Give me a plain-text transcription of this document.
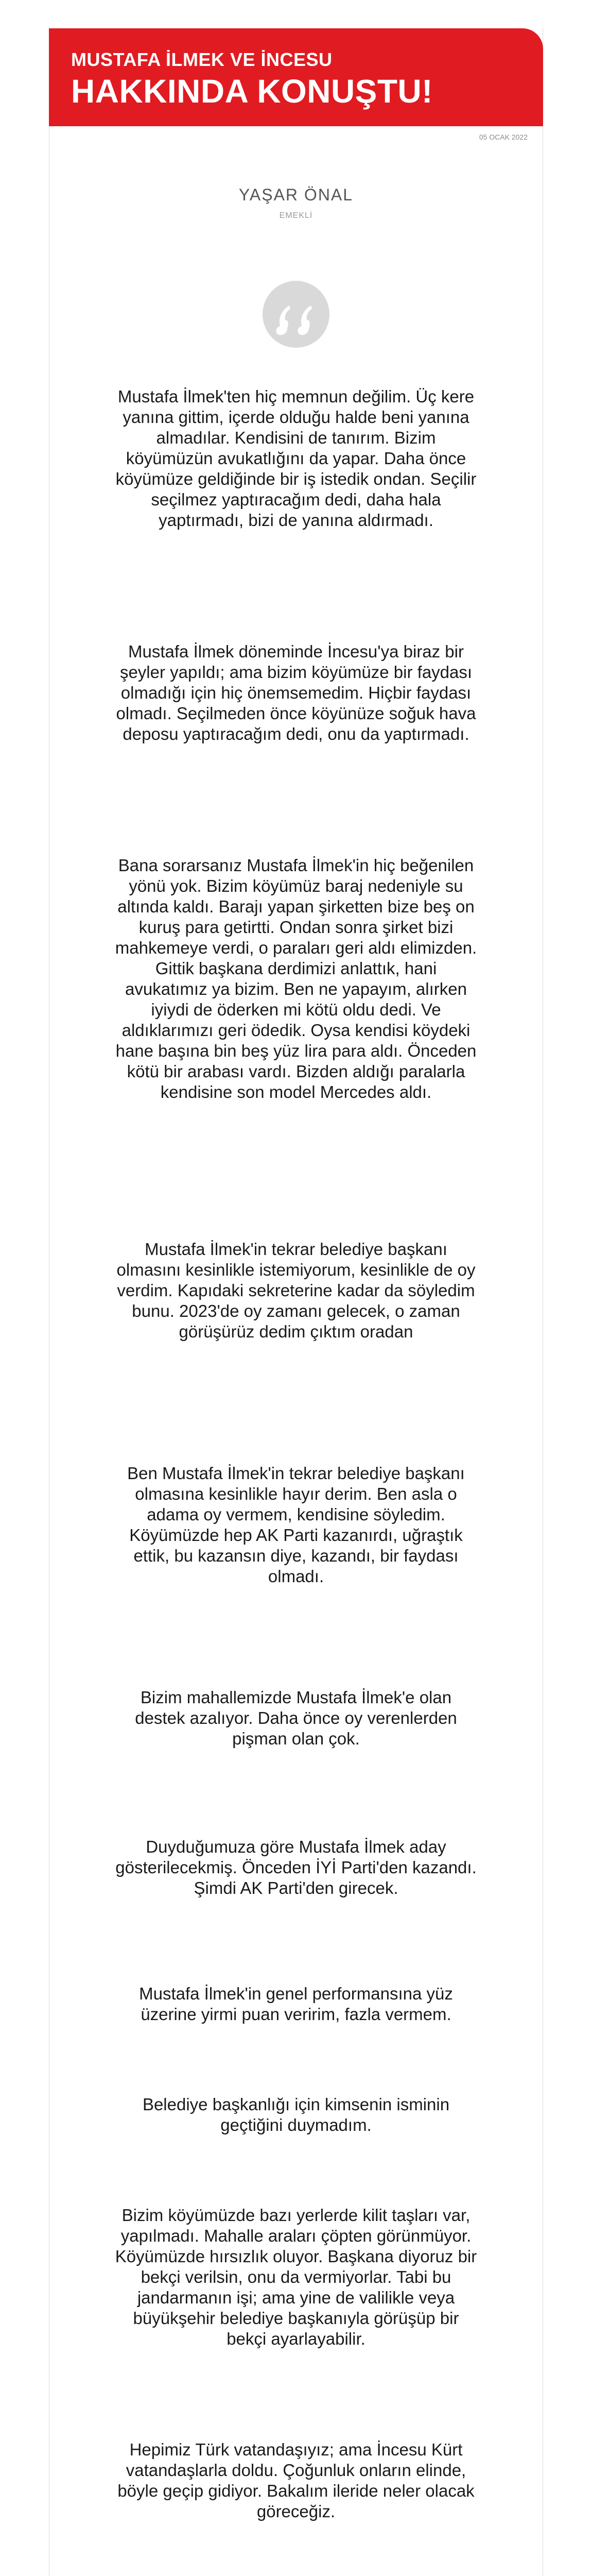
MUSTAFA İLMEK VE İNCESU
HAKKINDA KONUŞTU!
05 OCAK 2022
YAŞAR ÖNAL
EMEKLİ
Mustafa İlmek'ten hiç memnun değilim. Üç kere yanına gittim, içerde olduğu halde beni yanına almadılar. Kendisini de tanırım. Bizim köyümüzün avukatlığını da yapar. Daha önce köyümüze geldiğinde bir iş istedik ondan. Seçilir seçilmez yaptıracağım dedi, daha hala yaptırmadı, bizi de yanına aldırmadı.
Mustafa İlmek döneminde İncesu'ya biraz bir şeyler yapıldı; ama bizim köyümüze bir faydası olmadığı için hiç önemsemedim. Hiçbir faydası olmadı. Seçilmeden önce köyünüze soğuk hava deposu yaptıracağım dedi, onu da yaptırmadı.
Bana sorarsanız Mustafa İlmek'in hiç beğenilen yönü yok. Bizim köyümüz baraj nedeniyle su altında kaldı. Barajı yapan şirketten bize beş on kuruş para getirtti. Ondan sonra şirket bizi mahkemeye verdi, o paraları geri aldı elimizden. Gittik başkana derdimizi anlattık, hani avukatımız ya bizim. Ben ne yapayım, alırken iyiydi de öderken mi kötü oldu dedi. Ve aldıklarımızı geri ödedik. Oysa kendisi köydeki hane başına bin beş yüz lira para aldı. Önceden kötü bir arabası vardı. Bizden aldığı paralarla kendisine son model Mercedes aldı.
Mustafa İlmek'in tekrar belediye başkanı olmasını kesinlikle istemiyorum, kesinlikle de oy verdim. Kapıdaki sekreterine kadar da söyledim bunu. 2023'de oy zamanı gelecek, o zaman görüşürüz dedim çıktım oradan
Ben Mustafa İlmek'in tekrar belediye başkanı olmasına kesinlikle hayır derim. Ben asla o adama oy vermem, kendisine söyledim. Köyümüzde hep AK Parti kazanırdı, uğraştık ettik, bu kazansın diye, kazandı, bir faydası olmadı.
Bizim mahallemizde Mustafa İlmek'e olan destek azalıyor. Daha önce oy verenlerden pişman olan çok.
Duyduğumuza göre Mustafa İlmek aday gösterilecekmiş. Önceden İYİ Parti'den kazandı. Şimdi AK Parti'den girecek.
Mustafa İlmek'in genel performansına yüz üzerine yirmi puan veririm, fazla vermem.
Belediye başkanlığı için kimsenin isminin geçtiğini duymadım.
Bizim köyümüzde bazı yerlerde kilit taşları var, yapılmadı. Mahalle araları çöpten görünmüyor. Köyümüzde hırsızlık oluyor. Başkana diyoruz bir bekçi verilsin, onu da vermiyorlar. Tabi bu jandarmanın işi; ama yine de valilikle veya büyükşehir belediye başkanıyla görüşüp bir bekçi ayarlayabilir.
Hepimiz Türk vatandaşıyız; ama İncesu Kürt vatandaşlarla doldu. Çoğunluk onların elinde, böyle geçip gidiyor. Bakalım ileride neler olacak göreceğiz.
